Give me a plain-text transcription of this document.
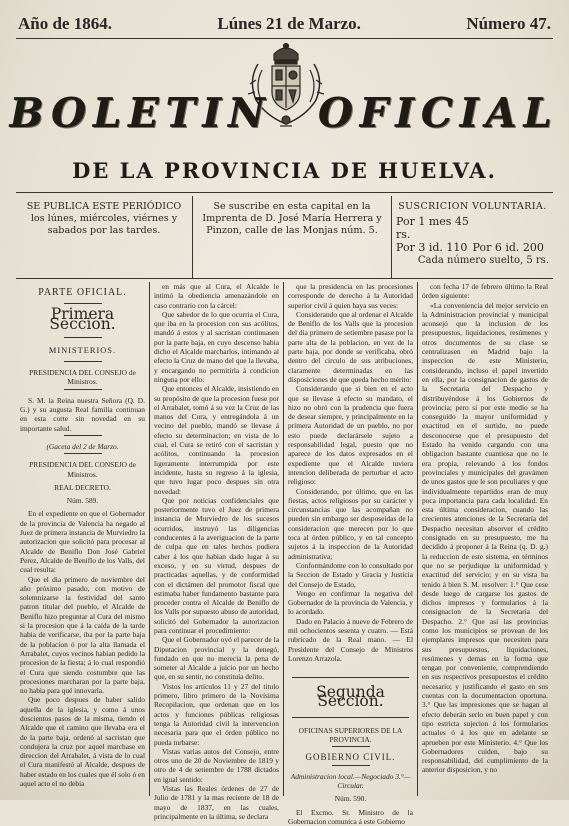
Año de 1864.	Lúnes 21 de Marzo.	Número 47.
BOLETIN OFICIAL
DE LA PROVINCIA DE HUELVA.
SE PUBLICA ESTE PERIÓDICO los lúnes, miércoles, viérnes y sabados por las tardes.
Se suscribe en esta capital en la Imprenta de D. José María Herrera y Pinzon, calle de las Monjas núm. 5.
SUSCRICION VOLUNTARIA.
Por 1 mes 45 rs.
Por 3 id. 110 Por 6 id. 200
Cada número suelto, 5 rs.
PARTE OFICIAL.
Primera Seccion.
MINISTERIOS.

PRESIDENCIA DEL CONSEJO de Ministros.

S. M. la Reina nuestra Señora (Q. D. G.) y su augusta Real familia continuan en esta corte sin novedad en su importante salud.

(Gaceta del 2 de Marzo.

PRESIDENCIA DEL CONSEJO de Ministros.

REAL DECRETO.

Núm. 589.

En el expediente en que el Gobernador de la provincia de Valencia ha negado al Juez de primera instancia de Murviedro la autorizacion que solicitó para procesar al Alcalde de Beniflo Don José Gabriel Perez, Alcalde de Beniflo de los Valls, del cual resulta:

Que el dia primero de noviembre del año próximo pasado, con motivo de solemnizarse la festividad del santo patron titular del pueblo, el Alcalde de Beniflo hizo preguntar al Cura del mismo si la procesion que á la caida de la tarde habia de verificarse, iba por la parte baja de la poblacion ó por la alta llamada el Arrabalet, cuyos vecinos habian pedido la procesion de la fiesta; á lo cual respondió el Cura que siendo costumbre que las procesiones marcharan por la parte baja, no habia para qué innovarla.

Que poco despues de haber salido aquella de la iglesia, y como á unos doscientos pasos de la misma, tiendo el Alcalde que el camino que llevaba era el de la parte baja, ordenó al sacristan que condujera la cruz por aquel marchase en direccion del Arrabalet, á vista de lo cual el Cura manifestó al Alcalde, despues de haber estado en los cuales que él solo ó en aquel acto el no debia

en más que al Cura, el Alcalde le intimó la obediencia amenazándole en caso contrario con la cárcel:

Que sabedor de lo que ocurria el Cura, que iba en la procesion con sus acólitos, mandó á estos y al sacristan continuasen por la parte baja, en cuyo descenso habia dicho el Alcalde marcharlos, intimando al efecto la Cruz de mano del que la llevaba, y encargando no permitirla á condicion ninguna por ello:

Que entonces el Alcalde, insistiendo en su propósito de que la procesion fuese por el Arrabalet, tomó á su vez la Cruz de las manos del Cura, y entregándola á un vecino del pueblo, mandó se llevase á efecto su determinacion; en vista de lo cual, el Cura se retiró con el sacristan y acólitos, continuando la procesion ligeramente interrumpida por este incidente, hasta su regreso á la iglesia, que tuvo lugar poco despues sin otra novedad:

Que por noticias confidenciales que posteriormente tuvo el Juez de primera instancia de Murviedro de los sucesos ocurridos, instruyó las diligencias conducentes á la averiguacion de la parte de culpa que en tales hechos pudiera caber á los que habian dado lugar á su exceso, y en su virtud, despues de practicadas aquellas, y de conformidad con el dictámen del promotor fiscal que estimaba haber fundamento bastante para proceder contra el Alcalde de Beniflo de los Valls por supuesto abuso de autoridad, solicitó del Gobernador la autorizacion para continuar el procedimiento:

Que el Gobernador oyó el parecer de la Diputacion provincial y la denegó, fundado en que no merecia la pena de someter al Alcalde a juicio por un hecho que, en su sentir, no constituía delito.

Vistos los artículos 11 y 27 del titulo primero, libro primero de la Novísima Recopilacion, que ordenan que en los actos y funciones públicas religiosas tenga la Autoridad civil la intervencion necesaria para que el órden público no pueda turbarse:

Vistas varias autos del Consejo, entre otros uno de 20 de Noviembre de 1819 y otro de 4 de setiembre de 1788 dictados en igual sentido:

Vistas las Reales órdenes de 27 de Julio de 1781 y la mas reciente de 18 de mayo de 1837, en las cuales, principalmente en la última, se declara

que la presidencia en las procesiones corresponde de derecho á la Autoridad superior civil á quien haya sus veces:

Considerando que al ordenar el Alcalde de Beniflo de los Valls que la procesion del dia primero de setiembre pasase por la parte alta de la poblacion, en vez de la parte baja, por donde se verificaba, obró dentro del circulo de sus atribuciones, claramente determinadas en las disposiciones de que queda hecho mérito:

Considerando que si bien en el acto que se llevase á efecto su mandato, el hizo no obró con la prudencia que fuera de desear siempre, y principalmente en la primera Autoridad de un pueblo, no por esto puede declarársele sujeto a responsabilidad legal, puesto que no aparece de los datos expresados en el expediente que el Alcalde tuviera intencion deliberada de perturbar el acto religioso:

Considerando, por último, que en las fiestas, actos religiosos por su carácter y circunstancias que las acompañan no pueden sin embargo ser desposeidas de la consideracion que merecen por lo que toca al órden público, y en tal concepto sujetos á la inspeccion de la Autoridad administrativa;

Conformándome con lo consultado por la Seccion de Estado y Gracia y Justicia del Consejo de Estado,

Vengo en confirmar la negativa del Gobernador de la provincia de Valencia, y lo acordado.

Dado en Palacio á nueve de Febrero de mil ochocientos sesenta y cuatro. — Está rubricado de la Real mano. — El Presidente del Consejo de Ministros Lorenzo Arrazola.

Segunda Seccion.

OFICINAS SUPERIORES DE LA PROVINCIA.

GOBIERNO CIVIL.

Administracion local.—Negociado 3.°—Circular.

Núm. 590.

El Excmo. Sr. Ministro de la Gobernacion comunica á este Gobierno

con fecha 17 de febrero último la Real órden siguiente:

«La conveniencia del mejor servicio en la Administracion provincial y municipal aconsejó que la inclusion de los presupuestos, liquidaciones, resúmenes y otros documentos de su clase se centralizasen en Madrid bajo la inspeccion de este Ministerio, considerando, incluso el papel invertido en ella, por la consignacion de gastos de la Secretaria del Despacho y distribuyéndose á los Gobiernos de provincia; pero si por este medio se ha conseguido la mayor uniformidad y exactitud en el surtido, no puede desconocerse que el presupuesto del Estado ha venido cargando con una obligacion bastante cuantiosa que no le era propia, relevando á los fondos provinciales y municipales del gravámen de unos gastos que le son peculiares y que individualmente repartidos eran de muy poca importancia para cada localidad. En esta última consideracion, cuando las crecientes atenciones de la Secretaría del Despacho necesitan absorver el crédito consignado en su presupuesto, me ha decidido á proponer á la Reina (q. D. g.) la reduccion de este sistema, en términos que no se perjudique la uniformidad y exactitud del servicio; y en su vista ha tenido á bien S. M. resolver: 1.° Que cese desde luego de cargarse los gastos de dichos impresos y formularios á la consignacion de la Secretaría del Despacho. 2.° Que así las provincias como los municipios se provean de los ejemplares impresos que necesiten para sus presupuestos, liquidaciones, resúmenes y demas en la forma que tengan por conveniente, comprendiendo en sus respectivos presupuestos el crédito necesario; y justificando el gasto en sus cuentas con la documentacion oportuna. 3.° Que las impresiones que se hagan al efecto deberán serlo en buen papel y con tipo estricta sujecion á los formularios actuales ó á los que en adelante se aprueben por este Ministerio. 4.° Que los Gobernadores cuiden, bajo su responsabilidad, del cumplimiento de la anterior disposicion, y no
